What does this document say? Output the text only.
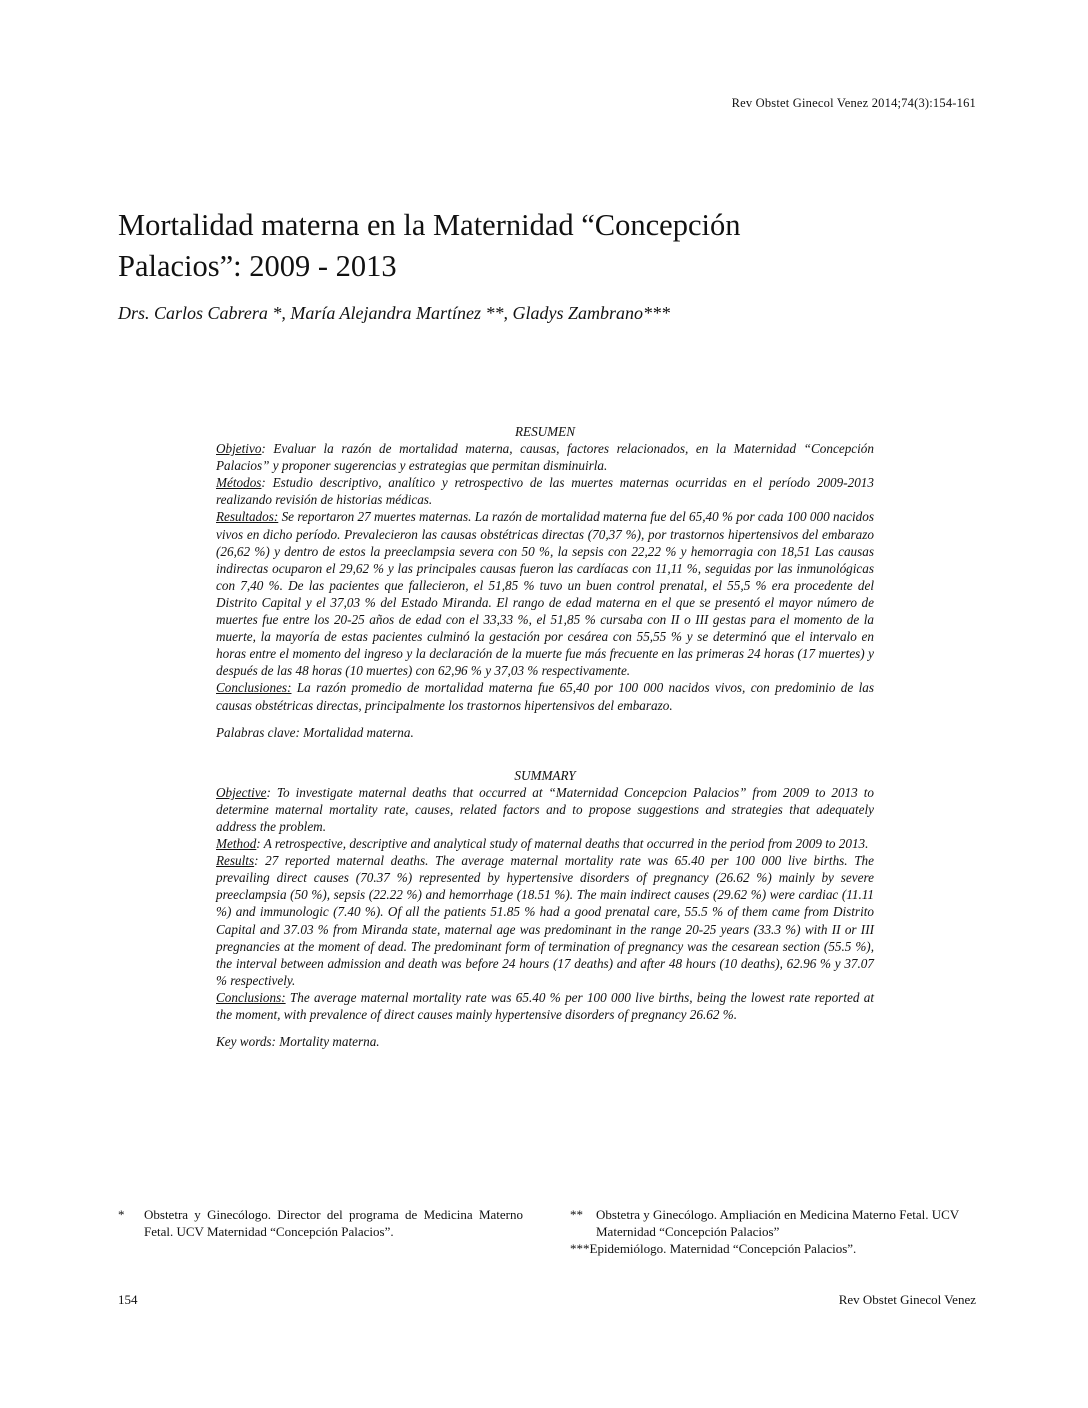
Rev Obstet Ginecol Venez 2014;74(3):154-161
Mortalidad materna en la Maternidad “Concepción
Palacios”: 2009 - 2013
Drs. Carlos Cabrera *, María Alejandra Martínez **, Gladys Zambrano***
RESUMEN

Objetivo: Evaluar la razón de mortalidad materna, causas, factores relacionados, en la Maternidad “Concepción Palacios” y proponer sugerencias y estrategias que permitan disminuirla.

Métodos: Estudio descriptivo, analítico y retrospectivo de las muertes maternas ocurridas en el período 2009-2013 realizando revisión de historias médicas.

Resultados: Se reportaron 27 muertes maternas. La razón de mortalidad materna fue del 65,40 % por cada 100 000 nacidos vivos en dicho período. Prevalecieron las causas obstétricas directas (70,37 %), por trastornos hipertensivos del embarazo (26,62 %) y dentro de estos la preeclampsia severa con 50 %, la sepsis con 22,22 % y hemorragia con 18,51 Las causas indirectas ocuparon el 29,62 % y las principales causas fueron las cardíacas con 11,11 %, seguidas por las inmunológicas con 7,40 %. De las pacientes que fallecieron, el 51,85 % tuvo un buen control prenatal, el 55,5 % era procedente del Distrito Capital y el 37,03 % del Estado Miranda. El rango de edad materna en el que se presentó el mayor número de muertes fue entre los 20-25 años de edad con el 33,33 %, el 51,85 % cursaba con II o III gestas para el momento de la muerte, la mayoría de estas pacientes culminó la gestación por cesárea con 55,55 % y se determinó que el intervalo en horas entre el momento del ingreso y la declaración de la muerte fue más frecuente en las primeras 24 horas (17 muertes) y después de las 48 horas (10 muertes) con 62,96 % y 37,03 % respectivamente.

Conclusiones: La razón promedio de mortalidad materna fue 65,40 por 100 000 nacidos vivos, con predominio de las causas obstétricas directas, principalmente los trastornos hipertensivos del embarazo.

Palabras clave: Mortalidad materna.

SUMMARY

Objective: To investigate maternal deaths that occurred at “Maternidad Concepcion Palacios” from 2009 to 2013 to determine maternal mortality rate, causes, related factors and to propose suggestions and strategies that adequately address the problem.

Method: A retrospective, descriptive and analytical study of maternal deaths that occurred in the period from 2009 to 2013.

Results: 27 reported maternal deaths. The average maternal mortality rate was 65.40 per 100 000 live births. The prevailing direct causes (70.37 %) represented by hypertensive disorders of pregnancy (26.62 %) mainly by severe preeclampsia (50 %), sepsis (22.22 %) and hemorrhage (18.51 %). The main indirect causes (29.62 %) were cardiac (11.11 %) and immunologic (7.40 %). Of all the patients 51.85 % had a good prenatal care, 55.5 % of them came from Distrito Capital and 37.03 % from Miranda state, maternal age was predominant in the range 20-25 years (33.3 %) with II or III pregnancies at the moment of dead. The predominant form of termination of pregnancy was the cesarean section (55.5 %), the interval between admission and death was before 24 hours (17 deaths) and after 48 hours (10 deaths), 62.96 % y 37.07 % respectively.

Conclusions: The average maternal mortality rate was 65.40 % per 100 000 live births, being the lowest rate reported at the moment, with prevalence of direct causes mainly hypertensive disorders of pregnancy 26.62 %.

Key words: Mortality materna.

* Obstetra y Ginecólogo. Director del programa de Medicina Materno Fetal. UCV Maternidad “Concepción Palacios”.
** Obstetra y Ginecólogo. Ampliación en Medicina Materno Fetal. UCV Maternidad “Concepción Palacios”
***Epidemiólogo. Maternidad “Concepción Palacios”.
154	Rev Obstet Ginecol Venez
